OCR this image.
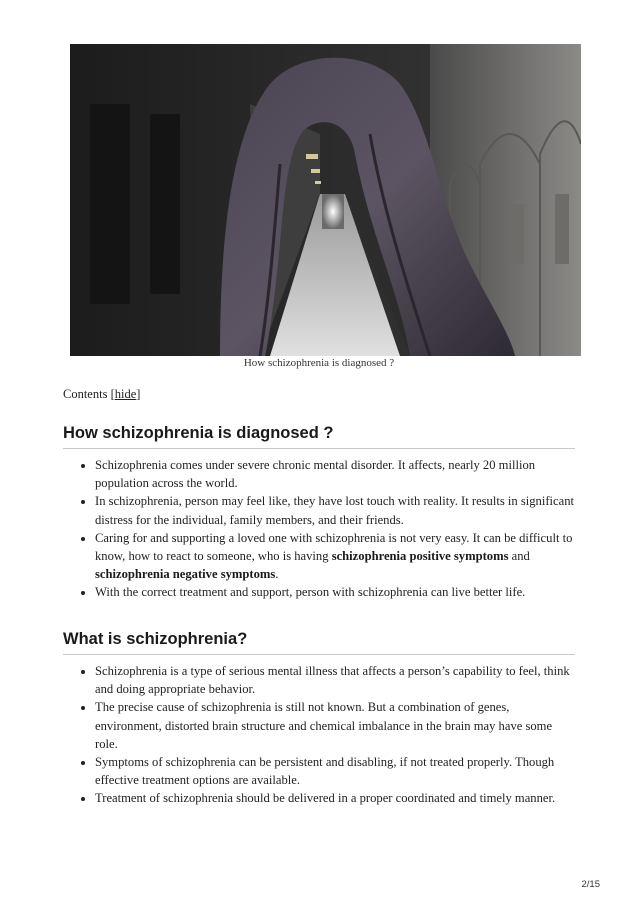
How schizophrenia is diagnosed ?
Contents [hide]
How schizophrenia is diagnosed ?
• Schizophrenia comes under severe chronic mental disorder. It affects, nearly 20 million population across the world.
• In schizophrenia, person may feel like, they have lost touch with reality. It results in significant distress for the individual, family members, and their friends.
• Caring for and supporting a loved one with schizophrenia is not very easy. It can be difficult to know, how to react to someone, who is having schizophrenia positive symptoms and schizophrenia negative symptoms.
• With the correct treatment and support, person with schizophrenia can live better life.
What is schizophrenia?
• Schizophrenia is a type of serious mental illness that affects a person’s capability to feel, think and doing appropriate behavior.
• The precise cause of schizophrenia is still not known. But a combination of genes, environment, distorted brain structure and chemical imbalance in the brain may have some role.
• Symptoms of schizophrenia can be persistent and disabling, if not treated properly. Though effective treatment options are available.
• Treatment of schizophrenia should be delivered in a proper coordinated and timely manner.
2/15
